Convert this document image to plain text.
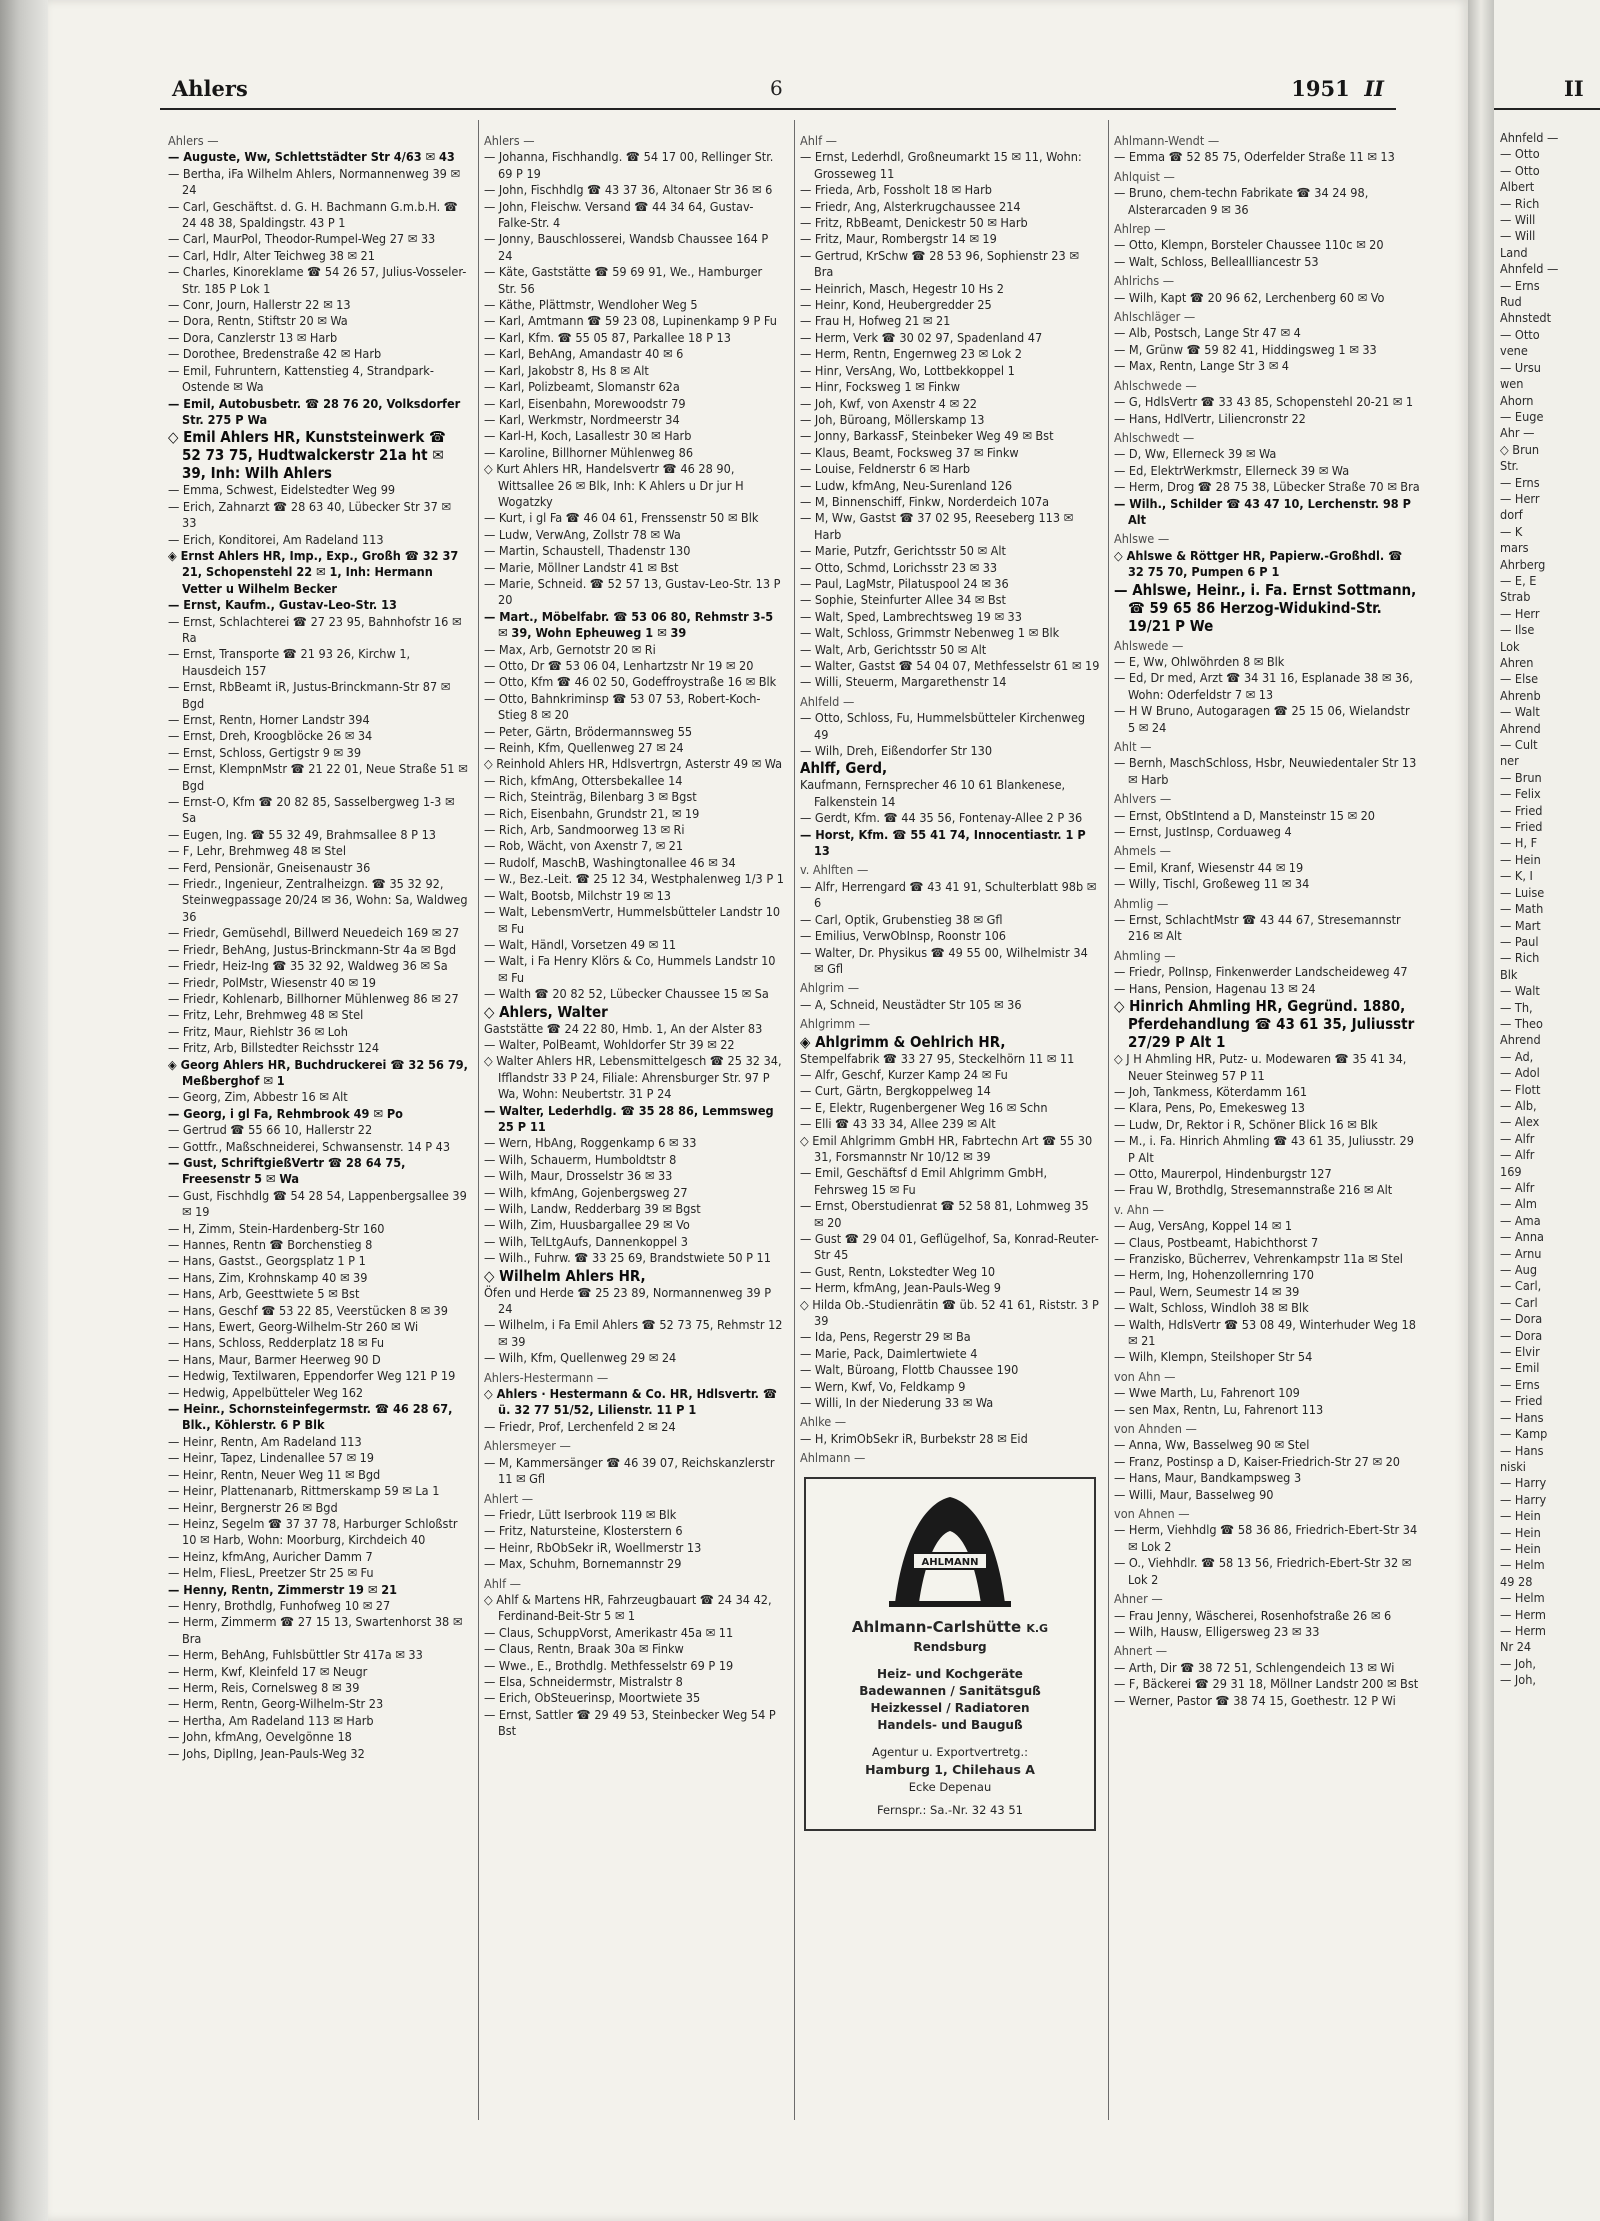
II

Ahnfeld —

— Otto

— Otto

Albert

— Rich

— Will

— Will

Land

Ahnfeld —

— Erns

Rud

Ahnstedt

— Otto

vene

— Ursu

wen

Ahorn

— Euge

Ahr —

◇ Brun

Str.

— Erns

— Herr

dorf

— K

mars

Ahrberg

— E, E

Strab

— Herr

— Ilse

Lok

Ahren

— Else

Ahrenb

— Walt

Ahrend

— Cult

ner

— Brun

— Felix

— Fried

— Fried

— H, F

— Hein

— K, I

— Luise

— Math

— Mart

— Paul

— Rich

Blk

— Walt

— Th,

— Theo

Ahrend

— Ad,

— Adol

— Flott

— Alb,

— Alex

— Alfr

— Alfr

169

— Alfr

— Alm

— Ama

— Anna

— Arnu

— Aug

— Carl,

— Carl

— Dora

— Dora

— Elvir

— Emil

— Erns

— Fried

— Hans

— Kamp

— Hans

niski

— Harry

— Harry

— Hein

— Hein

— Hein

— Helm

49 28

— Helm

— Herm

— Herm

Nr 24

— Joh,

— Joh,

Ahlers	6	1951 II

Ahlers —

— Auguste, Ww, Schlettstädter Str 4/63 ✉ 43

— Bertha, iFa Wilhelm Ahlers, Normannenweg 39 ✉ 24

— Carl, Geschäftst. d. G. H. Bachmann G.m.b.H. ☎ 24 48 38, Spaldingstr. 43 P 1

— Carl, MaurPol, Theodor-Rumpel-Weg 27 ✉ 33

— Carl, Hdlr, Alter Teichweg 38 ✉ 21

— Charles, Kinoreklame ☎ 54 26 57, Julius-Vosseler-Str. 185 P Lok 1

— Conr, Journ, Hallerstr 22 ✉ 13

— Dora, Rentn, Stiftstr 20 ✉ Wa

— Dora, Canzlerstr 13 ✉ Harb

— Dorothee, Bredenstraße 42 ✉ Harb

— Emil, Fuhruntern, Kattenstieg 4, Strandpark-Ostende ✉ Wa

— Emil, Autobusbetr. ☎ 28 76 20, Volksdorfer Str. 275 P Wa

◇ Emil Ahlers HR, Kunststeinwerk ☎ 52 73 75, Hudtwalckerstr 21a ht ✉ 39, Inh: Wilh Ahlers

— Emma, Schwest, Eidelstedter Weg 99

— Erich, Zahnarzt ☎ 28 63 40, Lübecker Str 37 ✉ 33

— Erich, Konditorei, Am Radeland 113

◈ Ernst Ahlers HR, Imp., Exp., Großh ☎ 32 37 21, Schopenstehl 22 ✉ 1, Inh: Hermann Vetter u Wilhelm Becker

— Ernst, Kaufm., Gustav-Leo-Str. 13

— Ernst, Schlachterei ☎ 27 23 95, Bahnhofstr 16 ✉ Ra

— Ernst, Transporte ☎ 21 93 26, Kirchw 1, Hausdeich 157

— Ernst, RbBeamt iR, Justus-Brinckmann-Str 87 ✉ Bgd

— Ernst, Rentn, Horner Landstr 394

— Ernst, Dreh, Kroogblöcke 26 ✉ 34

— Ernst, Schloss, Gertigstr 9 ✉ 39

— Ernst, KlempnMstr ☎ 21 22 01, Neue Straße 51 ✉ Bgd

— Ernst-O, Kfm ☎ 20 82 85, Sasselbergweg 1-3 ✉ Sa

— Eugen, Ing. ☎ 55 32 49, Brahmsallee 8 P 13

— F, Lehr, Brehmweg 48 ✉ Stel

— Ferd, Pensionär, Gneisenaustr 36

— Friedr., Ingenieur, Zentralheizgn. ☎ 35 32 92, Steinwegpassage 20/24 ✉ 36, Wohn: Sa, Waldweg 36

— Friedr, Gemüsehdl, Billwerd Neuedeich 169 ✉ 27

— Friedr, BehAng, Justus-Brinckmann-Str 4a ✉ Bgd

— Friedr, Heiz-Ing ☎ 35 32 92, Waldweg 36 ✉ Sa

— Friedr, PolMstr, Wiesenstr 40 ✉ 19

— Friedr, Kohlenarb, Billhorner Mühlenweg 86 ✉ 27

— Fritz, Lehr, Brehmweg 48 ✉ Stel

— Fritz, Maur, Riehlstr 36 ✉ Loh

— Fritz, Arb, Billstedter Reichsstr 124

◈ Georg Ahlers HR, Buchdruckerei ☎ 32 56 79, Meßberghof ✉ 1

— Georg, Zim, Abbestr 16 ✉ Alt

— Georg, i gl Fa, Rehmbrook 49 ✉ Po

— Gertrud ☎ 55 66 10, Hallerstr 22

— Gottfr., Maßschneiderei, Schwansenstr. 14 P 43

— Gust, SchriftgießVertr ☎ 28 64 75, Freesenstr 5 ✉ Wa

— Gust, Fischhdlg ☎ 54 28 54, Lappenbergsallee 39 ✉ 19

— H, Zimm, Stein-Hardenberg-Str 160

— Hannes, Rentn ☎ Borchenstieg 8

— Hans, Gastst., Georgsplatz 1 P 1

— Hans, Zim, Krohnskamp 40 ✉ 39

— Hans, Arb, Geesttwiete 5 ✉ Bst

— Hans, Geschf ☎ 53 22 85, Veerstücken 8 ✉ 39

— Hans, Ewert, Georg-Wilhelm-Str 260 ✉ Wi

— Hans, Schloss, Redderplatz 18 ✉ Fu

— Hans, Maur, Barmer Heerweg 90 D

— Hedwig, Textilwaren, Eppendorfer Weg 121 P 19

— Hedwig, Appelbütteler Weg 162

— Heinr., Schornsteinfegermstr. ☎ 46 28 67, Blk., Köhlerstr. 6 P Blk

— Heinr, Rentn, Am Radeland 113

— Heinr, Tapez, Lindenallee 57 ✉ 19

— Heinr, Rentn, Neuer Weg 11 ✉ Bgd

— Heinr, Plattenanarb, Rittmerskamp 59 ✉ La 1

— Heinr, Bergnerstr 26 ✉ Bgd

— Heinz, Segelm ☎ 37 37 78, Harburger Schloßstr 10 ✉ Harb, Wohn: Moorburg, Kirchdeich 40

— Heinz, kfmAng, Auricher Damm 7

— Helm, FliesL, Preetzer Str 25 ✉ Fu

— Henny, Rentn, Zimmerstr 19 ✉ 21

— Henry, Brothdlg, Funhofweg 10 ✉ 27

— Herm, Zimmerm ☎ 27 15 13, Swartenhorst 38 ✉ Bra

— Herm, BehAng, Fuhlsbüttler Str 417a ✉ 33

— Herm, Kwf, Kleinfeld 17 ✉ Neugr

— Herm, Reis, Cornelsweg 8 ✉ 39

— Herm, Rentn, Georg-Wilhelm-Str 23

— Hertha, Am Radeland 113 ✉ Harb

— John, kfmAng, Oevelgönne 18

— Johs, DiplIng, Jean-Pauls-Weg 32

Ahlers —

— Johanna, Fischhandlg. ☎ 54 17 00, Rellinger Str. 69 P 19

— John, Fischhdlg ☎ 43 37 36, Altonaer Str 36 ✉ 6

— John, Fleischw. Versand ☎ 44 34 64, Gustav-Falke-Str. 4

— Jonny, Bauschlosserei, Wandsb Chaussee 164 P 24

— Käte, Gaststätte ☎ 59 69 91, We., Hamburger Str. 56

— Käthe, Plättmstr, Wendloher Weg 5

— Karl, Amtmann ☎ 59 23 08, Lupinenkamp 9 P Fu

— Karl, Kfm. ☎ 55 05 87, Parkallee 18 P 13

— Karl, BehAng, Amandastr 40 ✉ 6

— Karl, Jakobstr 8, Hs 8 ✉ Alt

— Karl, Polizbeamt, Slomanstr 62a

— Karl, Eisenbahn, Morewoodstr 79

— Karl, Werkmstr, Nordmeerstr 34

— Karl-H, Koch, Lasallestr 30 ✉ Harb

— Karoline, Billhorner Mühlenweg 86

◇ Kurt Ahlers HR, Handelsvertr ☎ 46 28 90, Wittsallee 26 ✉ Blk, Inh: K Ahlers u Dr jur H Wogatzky

— Kurt, i gl Fa ☎ 46 04 61, Frenssenstr 50 ✉ Blk

— Ludw, VerwAng, Zollstr 78 ✉ Wa

— Martin, Schaustell, Thadenstr 130

— Marie, Möllner Landstr 41 ✉ Bst

— Marie, Schneid. ☎ 52 57 13, Gustav-Leo-Str. 13 P 20

— Mart., Möbelfabr. ☎ 53 06 80, Rehmstr 3-5 ✉ 39, Wohn Epheuweg 1 ✉ 39

— Max, Arb, Gernotstr 20 ✉ Ri

— Otto, Dr ☎ 53 06 04, Lenhartzstr Nr 19 ✉ 20

— Otto, Kfm ☎ 46 02 50, Godeffroystraße 16 ✉ Blk

— Otto, Bahnkriminsp ☎ 53 07 53, Robert-Koch-Stieg 8 ✉ 20

— Peter, Gärtn, Brödermannsweg 55

— Reinh, Kfm, Quellenweg 27 ✉ 24

◇ Reinhold Ahlers HR, Hdlsvertrgn, Asterstr 49 ✉ Wa

— Rich, kfmAng, Ottersbekallee 14

— Rich, Steinträg, Bilenbarg 3 ✉ Bgst

— Rich, Eisenbahn, Grundstr 21, ✉ 19

— Rich, Arb, Sandmoorweg 13 ✉ Ri

— Rob, Wächt, von Axenstr 7, ✉ 21

— Rudolf, MaschB, Washingtonallee 46 ✉ 34

— W., Bez.-Leit. ☎ 25 12 34, Westphalenweg 1/3 P 1

— Walt, Bootsb, Milchstr 19 ✉ 13

— Walt, LebensmVertr, Hummelsbütteler Landstr 10 ✉ Fu

— Walt, Händl, Vorsetzen 49 ✉ 11

— Walt, i Fa Henry Klörs & Co, Hummels Landstr 10 ✉ Fu

— Walth ☎ 20 82 52, Lübecker Chaussee 15 ✉ Sa

◇ Ahlers, Walter

Gaststätte ☎ 24 22 80, Hmb. 1, An der Alster 83

— Walter, PolBeamt, Wohldorfer Str 39 ✉ 22

◇ Walter Ahlers HR, Lebensmittelgesch ☎ 25 32 34, Ifflandstr 33 P 24, Filiale: Ahrensburger Str. 97 P Wa, Wohn: Neubertstr. 31 P 24

— Walter, Lederhdlg. ☎ 35 28 86, Lemmsweg 25 P 11

— Wern, HbAng, Roggenkamp 6 ✉ 33

— Wilh, Schauerm, Humboldtstr 8

— Wilh, Maur, Drosselstr 36 ✉ 33

— Wilh, kfmAng, Gojenbergsweg 27

— Wilh, Landw, Redderbarg 39 ✉ Bgst

— Wilh, Zim, Huusbargallee 29 ✉ Vo

— Wilh, TelLtgAufs, Dannenkoppel 3

— Wilh., Fuhrw. ☎ 33 25 69, Brandstwiete 50 P 11

◇ Wilhelm Ahlers HR,

Öfen und Herde ☎ 25 23 89, Normannenweg 39 P 24

— Wilhelm, i Fa Emil Ahlers ☎ 52 73 75, Rehmstr 12 ✉ 39

— Wilh, Kfm, Quellenweg 29 ✉ 24

Ahlers-Hestermann —

◇ Ahlers · Hestermann & Co. HR, Hdlsvertr. ☎ ü. 32 77 51/52, Lilienstr. 11 P 1

— Friedr, Prof, Lerchenfeld 2 ✉ 24

Ahlersmeyer —

— M, Kammersänger ☎ 46 39 07, Reichskanzlerstr 11 ✉ Gfl

Ahlert —

— Friedr, Lütt Iserbrook 119 ✉ Blk

— Fritz, Natursteine, Klosterstern 6

— Heinr, RbObSekr iR, Woellmerstr 13

— Max, Schuhm, Bornemannstr 29

Ahlf —

◇ Ahlf & Martens HR, Fahrzeugbauart ☎ 24 34 42, Ferdinand-Beit-Str 5 ✉ 1

— Claus, SchuppVorst, Amerikastr 45a ✉ 11

— Claus, Rentn, Braak 30a ✉ Finkw

— Wwe., E., Brothdlg. Methfesselstr 69 P 19

— Elsa, Schneidermstr, Mistralstr 8

— Erich, ObSteuerinsp, Moortwiete 35

— Ernst, Sattler ☎ 29 49 53, Steinbecker Weg 54 P Bst

Ahlf —

— Ernst, Lederhdl, Großneumarkt 15 ✉ 11, Wohn: Grosseweg 11

— Frieda, Arb, Fossholt 18 ✉ Harb

— Friedr, Ang, Alsterkrugchaussee 214

— Fritz, RbBeamt, Denickestr 50 ✉ Harb

— Fritz, Maur, Rombergstr 14 ✉ 19

— Gertrud, KrSchw ☎ 28 53 96, Sophienstr 23 ✉ Bra

— Heinrich, Masch, Hegestr 10 Hs 2

— Heinr, Kond, Heubergredder 25

— Frau H, Hofweg 21 ✉ 21

— Herm, Verk ☎ 30 02 97, Spadenland 47

— Herm, Rentn, Engernweg 23 ✉ Lok 2

— Hinr, VersAng, Wo, Lottbekkoppel 1

— Hinr, Focksweg 1 ✉ Finkw

— Joh, Kwf, von Axenstr 4 ✉ 22

— Joh, Büroang, Möllerskamp 13

— Jonny, BarkassF, Steinbeker Weg 49 ✉ Bst

— Klaus, Beamt, Focksweg 37 ✉ Finkw

— Louise, Feldnerstr 6 ✉ Harb

— Ludw, kfmAng, Neu-Surenland 126

— M, Binnenschiff, Finkw, Norderdeich 107a

— M, Ww, Gastst ☎ 37 02 95, Reeseberg 113 ✉ Harb

— Marie, Putzfr, Gerichtsstr 50 ✉ Alt

— Otto, Schmd, Lorichsstr 23 ✉ 33

— Paul, LagMstr, Pilatuspool 24 ✉ 36

— Sophie, Steinfurter Allee 34 ✉ Bst

— Walt, Sped, Lambrechtsweg 19 ✉ 33

— Walt, Schloss, Grimmstr Nebenweg 1 ✉ Blk

— Walt, Arb, Gerichtsstr 50 ✉ Alt

— Walter, Gastst ☎ 54 04 07, Methfesselstr 61 ✉ 19

— Willi, Steuerm, Margarethenstr 14

Ahlfeld —

— Otto, Schloss, Fu, Hummelsbütteler Kirchenweg 49

— Wilh, Dreh, Eißendorfer Str 130

Ahlff, Gerd,

Kaufmann, Fernsprecher 46 10 61 Blankenese, Falkenstein 14

— Gerdt, Kfm. ☎ 44 35 56, Fontenay-Allee 2 P 36

— Horst, Kfm. ☎ 55 41 74, Innocentiastr. 1 P 13

v. Ahlften —

— Alfr, Herrengard ☎ 43 41 91, Schulterblatt 98b ✉ 6

— Carl, Optik, Grubenstieg 38 ✉ Gfl

— Emilius, VerwObInsp, Roonstr 106

— Walter, Dr. Physikus ☎ 49 55 00, Wilhelmistr 34 ✉ Gfl

Ahlgrim —

— A, Schneid, Neustädter Str 105 ✉ 36

Ahlgrimm —

◈ Ahlgrimm & Oehlrich HR,

Stempelfabrik ☎ 33 27 95, Steckelhörn 11 ✉ 11

— Alfr, Geschf, Kurzer Kamp 24 ✉ Fu

— Curt, Gärtn, Bergkoppelweg 14

— E, Elektr, Rugenbergener Weg 16 ✉ Schn

— Elli ☎ 43 33 34, Allee 239 ✉ Alt

◇ Emil Ahlgrimm GmbH HR, Fabrtechn Art ☎ 55 30 31, Forsmannstr Nr 10/12 ✉ 39

— Emil, Geschäftsf d Emil Ahlgrimm GmbH, Fehrsweg 15 ✉ Fu

— Ernst, Oberstudienrat ☎ 52 58 81, Lohmweg 35 ✉ 20

— Gust ☎ 29 04 01, Geflügelhof, Sa, Konrad-Reuter-Str 45

— Gust, Rentn, Lokstedter Weg 10

— Herm, kfmAng, Jean-Pauls-Weg 9

◇ Hilda Ob.-Studienrätin ☎ üb. 52 41 61, Riststr. 3 P 39

— Ida, Pens, Regerstr 29 ✉ Ba

— Marie, Pack, Daimlertwiete 4

— Walt, Büroang, Flottb Chaussee 190

— Wern, Kwf, Vo, Feldkamp 9

— Willi, In der Niederung 33 ✉ Wa

Ahlke —

— H, KrimObSekr iR, Burbekstr 28 ✉ Eid

Ahlmann —

AHLMANN
Ahlmann-Carlshütte K.G
Rendsburg
Heiz- und Kochgeräte
Badewannen / Sanitätsguß
Heizkessel / Radiatoren
Handels- und Bauguß
Agentur u. Exportvertretg.:
Hamburg 1, Chilehaus A
Ecke Depenau
Fernspr.: Sa.-Nr. 32 43 51

Ahlmann-Wendt —

— Emma ☎ 52 85 75, Oderfelder Straße 11 ✉ 13

Ahlquist —

— Bruno, chem-techn Fabrikate ☎ 34 24 98, Alsterarcaden 9 ✉ 36

Ahlrep —

— Otto, Klempn, Borsteler Chaussee 110c ✉ 20

— Walt, Schloss, Belleallliancestr 53

Ahlrichs —

— Wilh, Kapt ☎ 20 96 62, Lerchenberg 60 ✉ Vo

Ahlschläger —

— Alb, Postsch, Lange Str 47 ✉ 4

— M, Grünw ☎ 59 82 41, Hiddingsweg 1 ✉ 33

— Max, Rentn, Lange Str 3 ✉ 4

Ahlschwede —

— G, HdlsVertr ☎ 33 43 85, Schopenstehl 20-21 ✉ 1

— Hans, HdlVertr, Liliencronstr 22

Ahlschwedt —

— D, Ww, Ellerneck 39 ✉ Wa

— Ed, ElektrWerkmstr, Ellerneck 39 ✉ Wa

— Herm, Drog ☎ 28 75 38, Lübecker Straße 70 ✉ Bra

— Wilh., Schilder ☎ 43 47 10, Lerchenstr. 98 P Alt

Ahlswe —

◇ Ahlswe & Röttger HR, Papierw.-Großhdl. ☎ 32 75 70, Pumpen 6 P 1

— Ahlswe, Heinr., i. Fa. Ernst Sottmann, ☎ 59 65 86 Herzog-Widukind-Str. 19/21 P We

Ahlswede —

— E, Ww, Ohlwöhrden 8 ✉ Blk

— Ed, Dr med, Arzt ☎ 34 31 16, Esplanade 38 ✉ 36, Wohn: Oderfeldstr 7 ✉ 13

— H W Bruno, Autogaragen ☎ 25 15 06, Wielandstr 5 ✉ 24

Ahlt —

— Bernh, MaschSchloss, Hsbr, Neuwiedentaler Str 13 ✉ Harb

Ahlvers —

— Ernst, ObStIntend a D, Mansteinstr 15 ✉ 20

— Ernst, JustInsp, Corduaweg 4

Ahmels —

— Emil, Kranf, Wiesenstr 44 ✉ 19

— Willy, Tischl, Großeweg 11 ✉ 34

Ahmlig —

— Ernst, SchlachtMstr ☎ 43 44 67, Stresemannstr 216 ✉ Alt

Ahmling —

— Friedr, PolInsp, Finkenwerder Landscheideweg 47

— Hans, Pension, Hagenau 13 ✉ 24

◇ Hinrich Ahmling HR, Gegründ. 1880, Pferdehandlung ☎ 43 61 35, Juliusstr 27/29 P Alt 1

◇ J H Ahmling HR, Putz- u. Modewaren ☎ 35 41 34, Neuer Steinweg 57 P 11

— Joh, Tankmess, Köterdamm 161

— Klara, Pens, Po, Emekesweg 13

— Ludw, Dr, Rektor i R, Schöner Blick 16 ✉ Blk

— M., i. Fa. Hinrich Ahmling ☎ 43 61 35, Juliusstr. 29 P Alt

— Otto, Maurerpol, Hindenburgstr 127

— Frau W, Brothdlg, Stresemannstraße 216 ✉ Alt

v. Ahn —

— Aug, VersAng, Koppel 14 ✉ 1

— Claus, Postbeamt, Habichthorst 7

— Franzisko, Bücherrev, Vehrenkampstr 11a ✉ Stel

— Herm, Ing, Hohenzollernring 170

— Paul, Wern, Seumestr 14 ✉ 39

— Walt, Schloss, Windloh 38 ✉ Blk

— Walth, HdlsVertr ☎ 53 08 49, Winterhuder Weg 18 ✉ 21

— Wilh, Klempn, Steilshoper Str 54

von Ahn —

— Wwe Marth, Lu, Fahrenort 109

— sen Max, Rentn, Lu, Fahrenort 113

von Ahnden —

— Anna, Ww, Basselweg 90 ✉ Stel

— Franz, Postinsp a D, Kaiser-Friedrich-Str 27 ✉ 20

— Hans, Maur, Bandkampsweg 3

— Willi, Maur, Basselweg 90

von Ahnen —

— Herm, Viehhdlg ☎ 58 36 86, Friedrich-Ebert-Str 34 ✉ Lok 2

— O., Viehhdlr. ☎ 58 13 56, Friedrich-Ebert-Str 32 ✉ Lok 2

Ahner —

— Frau Jenny, Wäscherei, Rosenhofstraße 26 ✉ 6

— Wilh, Hausw, Elligersweg 23 ✉ 33

Ahnert —

— Arth, Dir ☎ 38 72 51, Schlengendeich 13 ✉ Wi

— F, Bäckerei ☎ 29 31 18, Möllner Landstr 200 ✉ Bst

— Werner, Pastor ☎ 38 74 15, Goethestr. 12 P Wi
